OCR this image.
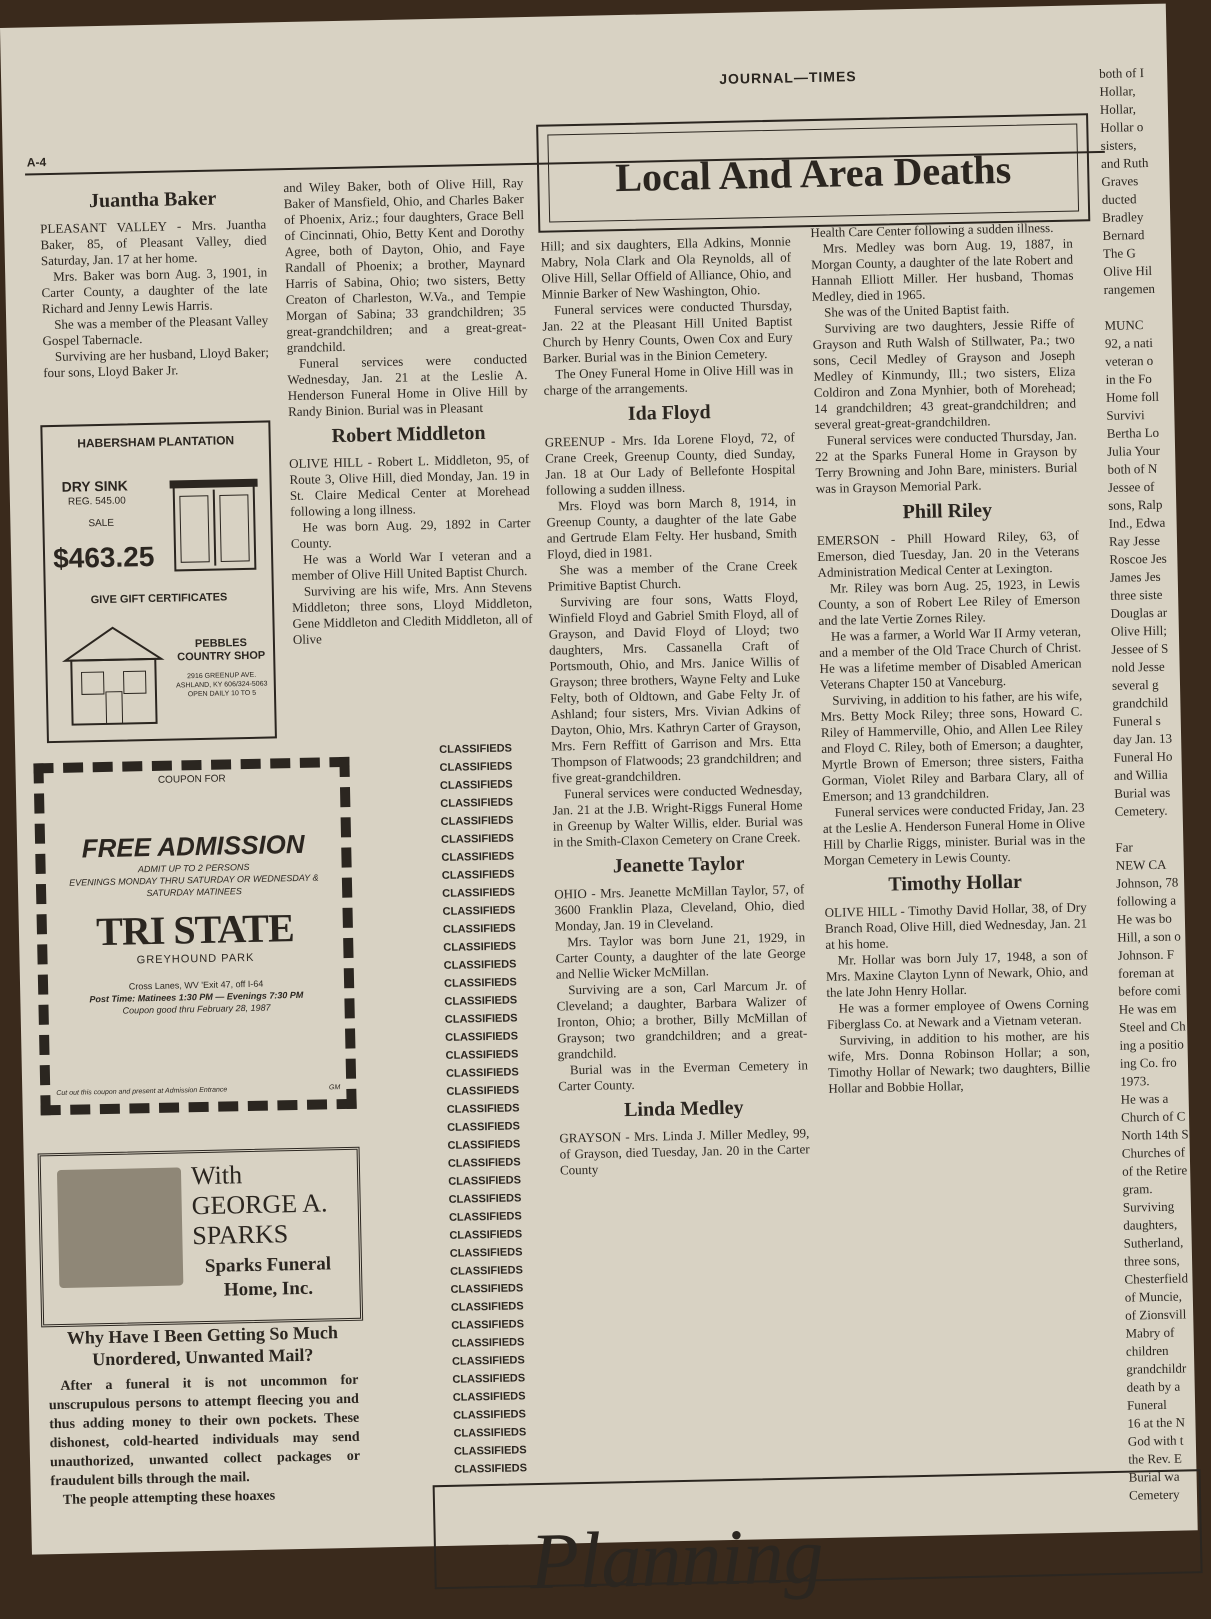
JOURNAL—TIMES
A-4	Local And Area Deaths
Juantha Baker

PLEASANT VALLEY - Mrs. Juantha Baker, 85, of Pleasant Valley, died Saturday, Jan. 17 at her home.

Mrs. Baker was born Aug. 3, 1901, in Carter County, a daughter of the late Richard and Jenny Lewis Harris.

She was a member of the Pleasant Valley Gospel Tabernacle.

Surviving are her husband, Lloyd Baker; four sons, Lloyd Baker Jr.

HABERSHAM PLANTATION
DRY SINK
REG. 545.00
SALE
$463.25
GIVE GIFT CERTIFICATES
PEBBLES COUNTRY SHOP
2916 GREENUP AVE. ASHLAND, KY 606/324-5063 OPEN DAILY 10 TO 5
COUPON FOR
FREE ADMISSION
ADMIT UP TO 2 PERSONS
EVENINGS MONDAY THRU SATURDAY OR WEDNESDAY & SATURDAY MATINEES
TRI STATE
GREYHOUND PARK
Cross Lanes, WV 'Exit 47, off I-64
Post Time: Matinees 1:30 PM — Evenings 7:30 PM
Coupon good thru February 28, 1987
Cut out this coupon and present at Admission Entrance	GM
With
GEORGE A. SPARKS
Sparks Funeral Home, Inc.
Why Have I Been Getting So Much Unordered, Unwanted Mail?

After a funeral it is not uncommon for unscrupulous persons to attempt fleecing you and thus adding money to their own pockets. These dishonest, cold-hearted individuals may send unauthorized, unwanted collect packages or fraudulent bills through the mail.

The people attempting these hoaxes

and Wiley Baker, both of Olive Hill, Ray Baker of Mansfield, Ohio, and Charles Baker of Phoenix, Ariz.; four daughters, Grace Bell of Cincinnati, Ohio, Betty Kent and Dorothy Agree, both of Dayton, Ohio, and Faye Randall of Phoenix; a brother, Maynard Harris of Sabina, Ohio; two sisters, Betty Creaton of Charleston, W.Va., and Tempie Morgan of Sabina; 33 grandchildren; 35 great-grandchildren; and a great-great-grandchild.

Funeral services were conducted Wednesday, Jan. 21 at the Leslie A. Henderson Funeral Home in Olive Hill by Randy Binion. Burial was in Pleasant

Robert Middleton

OLIVE HILL - Robert L. Middleton, 95, of Route 3, Olive Hill, died Monday, Jan. 19 in St. Claire Medical Center at Morehead following a long illness.

He was born Aug. 29, 1892 in Carter County.

He was a World War I veteran and a member of Olive Hill United Baptist Church.

Surviving are his wife, Mrs. Ann Stevens Middleton; three sons, Lloyd Middleton, Gene Middleton and Cledith Middleton, all of Olive

CLASSIFIEDS
CLASSIFIEDS
CLASSIFIEDS
CLASSIFIEDS
CLASSIFIEDS
CLASSIFIEDS
CLASSIFIEDS
CLASSIFIEDS
CLASSIFIEDS
CLASSIFIEDS
CLASSIFIEDS
CLASSIFIEDS
CLASSIFIEDS
CLASSIFIEDS
CLASSIFIEDS
CLASSIFIEDS
CLASSIFIEDS
CLASSIFIEDS
CLASSIFIEDS
CLASSIFIEDS
CLASSIFIEDS
CLASSIFIEDS
CLASSIFIEDS
CLASSIFIEDS
CLASSIFIEDS
CLASSIFIEDS
CLASSIFIEDS
CLASSIFIEDS
CLASSIFIEDS
CLASSIFIEDS
CLASSIFIEDS
CLASSIFIEDS
CLASSIFIEDS
CLASSIFIEDS
CLASSIFIEDS
CLASSIFIEDS
CLASSIFIEDS
CLASSIFIEDS
CLASSIFIEDS
CLASSIFIEDS
CLASSIFIEDS

Hill; and six daughters, Ella Adkins, Monnie Mabry, Nola Clark and Ola Reynolds, all of Olive Hill, Sellar Offield of Alliance, Ohio, and Minnie Barker of New Washington, Ohio.

Funeral services were conducted Thursday, Jan. 22 at the Pleasant Hill United Baptist Church by Henry Counts, Owen Cox and Eury Barker. Burial was in the Binion Cemetery.

The Oney Funeral Home in Olive Hill was in charge of the arrangements.

Ida Floyd

GREENUP - Mrs. Ida Lorene Floyd, 72, of Crane Creek, Greenup County, died Sunday, Jan. 18 at Our Lady of Bellefonte Hospital following a sudden illness.

Mrs. Floyd was born March 8, 1914, in Greenup County, a daughter of the late Gabe and Gertrude Elam Felty. Her husband, Smith Floyd, died in 1981.

She was a member of the Crane Creek Primitive Baptist Church.

Surviving are four sons, Watts Floyd, Winfield Floyd and Gabriel Smith Floyd, all of Grayson, and David Floyd of Lloyd; two daughters, Mrs. Cassanella Craft of Portsmouth, Ohio, and Mrs. Janice Willis of Grayson; three brothers, Wayne Felty and Luke Felty, both of Oldtown, and Gabe Felty Jr. of Ashland; four sisters, Mrs. Vivian Adkins of Dayton, Ohio, Mrs. Kathryn Carter of Grayson, Mrs. Fern Reffitt of Garrison and Mrs. Etta Thompson of Flatwoods; 23 grandchildren; and five great-grandchildren.

Funeral services were conducted Wednesday, Jan. 21 at the J.B. Wright-Riggs Funeral Home in Greenup by Walter Willis, elder. Burial was in the Smith-Claxon Cemetery on Crane Creek.

Jeanette Taylor

OHIO - Mrs. Jeanette McMillan Taylor, 57, of 3600 Franklin Plaza, Cleveland, Ohio, died Monday, Jan. 19 in Cleveland.

Mrs. Taylor was born June 21, 1929, in Carter County, a daughter of the late George and Nellie Wicker McMillan.

Surviving are a son, Carl Marcum Jr. of Cleveland; a daughter, Barbara Walizer of Ironton, Ohio; a brother, Billy McMillan of Grayson; two grandchildren; and a great-grandchild.

Burial was in the Everman Cemetery in Carter County.

Linda Medley

GRAYSON - Mrs. Linda J. Miller Medley, 99, of Grayson, died Tuesday, Jan. 20 in the Carter County

Health Care Center following a sudden illness.

Mrs. Medley was born Aug. 19, 1887, in Morgan County, a daughter of the late Robert and Hannah Elliott Miller. Her husband, Thomas Medley, died in 1965.

She was of the United Baptist faith.

Surviving are two daughters, Jessie Riffe of Grayson and Ruth Walsh of Stillwater, Pa.; two sons, Cecil Medley of Grayson and Joseph Medley of Kinmundy, Ill.; two sisters, Eliza Coldiron and Zona Mynhier, both of Morehead; 14 grandchildren; 43 great-grandchildren; and several great-great-grandchildren.

Funeral services were conducted Thursday, Jan. 22 at the Sparks Funeral Home in Grayson by Terry Browning and John Bare, ministers. Burial was in Grayson Memorial Park.

Phill Riley

EMERSON - Phill Howard Riley, 63, of Emerson, died Tuesday, Jan. 20 in the Veterans Administration Medical Center at Lexington.

Mr. Riley was born Aug. 25, 1923, in Lewis County, a son of Robert Lee Riley of Emerson and the late Vertie Zornes Riley.

He was a farmer, a World War II Army veteran, and a member of the Old Trace Church of Christ. He was a lifetime member of Disabled American Veterans Chapter 150 at Vanceburg.

Surviving, in addition to his father, are his wife, Mrs. Betty Mock Riley; three sons, Howard C. Riley of Hammerville, Ohio, and Allen Lee Riley and Floyd C. Riley, both of Emerson; a daughter, Myrtle Brown of Emerson; three sisters, Faitha Gorman, Violet Riley and Barbara Clary, all of Emerson; and 13 grandchildren.

Funeral services were conducted Friday, Jan. 23 at the Leslie A. Henderson Funeral Home in Olive Hill by Charlie Riggs, minister. Burial was in the Morgan Cemetery in Lewis County.

Timothy Hollar

OLIVE HILL - Timothy David Hollar, 38, of Dry Branch Road, Olive Hill, died Wednesday, Jan. 21 at his home.

Mr. Hollar was born July 17, 1948, a son of Mrs. Maxine Clayton Lynn of Newark, Ohio, and the late John Henry Hollar.

He was a former employee of Owens Corning Fiberglass Co. at Newark and a Vietnam veteran.

Surviving, in addition to his mother, are his wife, Mrs. Donna Robinson Hollar; a son, Timothy Hollar of Newark; two daughters, Billie Hollar and Bobbie Hollar,

both of I
Hollar,
Hollar,
Hollar o
sisters,
and Ruth
Graves
ducted
Bradley
Bernard
The G
Olive Hil
rangemen
MUNC
92, a nati
veteran o
in the Fo
Home foll
Survivi
Bertha Lo
Julia Your
both of N
Jessee of
sons, Ralp
Ind., Edwa
Ray Jesse
Roscoe Jes
James Jes
three siste
Douglas ar
Olive Hill;
Jessee of S
nold Jesse
several g
grandchild
Funeral s
day Jan. 13
Funeral Ho
and Willia
Burial was
Cemetery.
Far
NEW CA
Johnson, 78
following a
He was bo
Hill, a son o
Johnson. F
foreman at
before comi
He was em
Steel and Ch
ing a positio
ing Co. fro
1973.
He was a
Church of C
North 14th S
Churches of
of the Retire
gram.
Surviving
daughters,
Sutherland,
three sons,
Chesterfield
of Muncie,
of Zionsvill
Mabry of
children
grandchildr
death by a
Funeral
16 at the N
God with t
the Rev. E
Burial wa
Cemetery
Planning
